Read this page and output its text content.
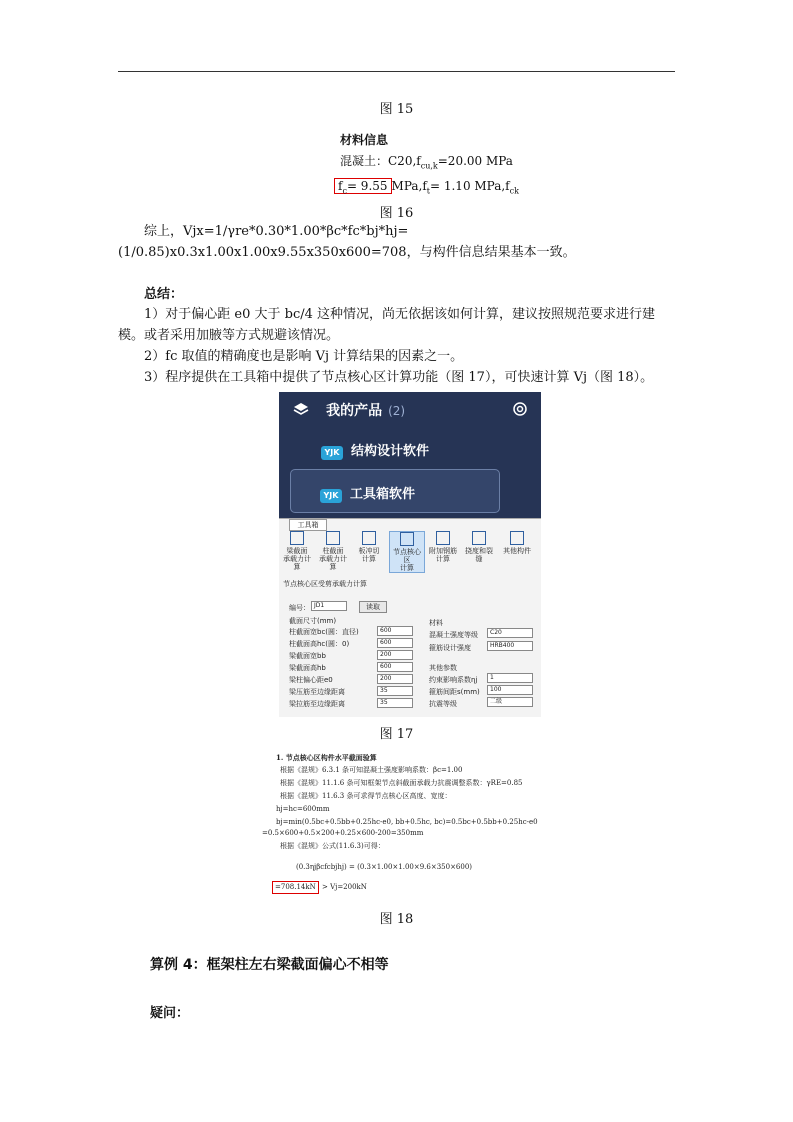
图 15
材料信息
混凝土：$C20,f_{cu,k}=20.00$ MPa
$f_c= 9.55$ $MPa,f_t= 1.10$ $MPa,f_{ck}$
图 16
综上，Vjx=1/γre*0.30*1.00*βc*fc*bj*hj=(1/0.85)x0.3x1.00x1.00x9.55x350x600=708，与构件信息结果基本一致。
总结：
1）对于偏心距 e0 大于 bc/4 这种情况，尚无依据该如何计算，建议按照规范要求进行建模。或者采用加腋等方式规避该情况。
2）fc 取值的精确度也是影响 Vj 计算结果的因素之一。
3）程序提供在工具箱中提供了节点核心区计算功能（图 17），可快速计算 Vj（图 18）。
我的产品 (2)
YJK 结构设计软件
YJK 工具箱软件
梁截面
承载力计算
柱截面
承载力计算
板冲切
计算
节点核心区
计算
附加钢筋
计算
挠度和裂缝
其他构件
节点核心区受剪承载力计算
编号： JD1	读取
截面尺寸(mm)
柱截面宽bc(圆：直径)	600
柱截面高hc(圆：0)	600
梁截面宽bb	200
梁截面高hb	600
梁柱偏心距e0	200
梁压筋至边缘距离	35
梁拉筋至边缘距离	35
材料
混凝土强度等级	C20
箍筋设计强度	HRB400
其他参数
约束影响系数ηj	1
箍筋间距s(mm)	100
抗震等级	二级
工具箱
图 17
1. 节点核心区构件水平截面验算
根据《混规》6.3.1 条可知混凝土强度影响系数：βc=1.00
根据《混规》11.1.6 条可知框架节点斜截面承载力抗震调整系数：γRE=0.85
根据《混规》11.6.3 条可求得节点核心区高度、宽度：
hj=hc=600mm
bj=min(0.5bc+0.5bb+0.25hc-e0, bb+0.5hc, bc)=0.5bc+0.5bb+0.25hc-e0
=0.5×600+0.5×200+0.25×600-200=350mm
根据《混规》公式(11.6.3)可得：
(0.3ηjβcfcbjhj) = (0.3×1.00×1.00×9.6×350×600)
=708.14kN > Vj=200kN
图 18
算例 4：框架柱左右梁截面偏心不相等
疑问：
